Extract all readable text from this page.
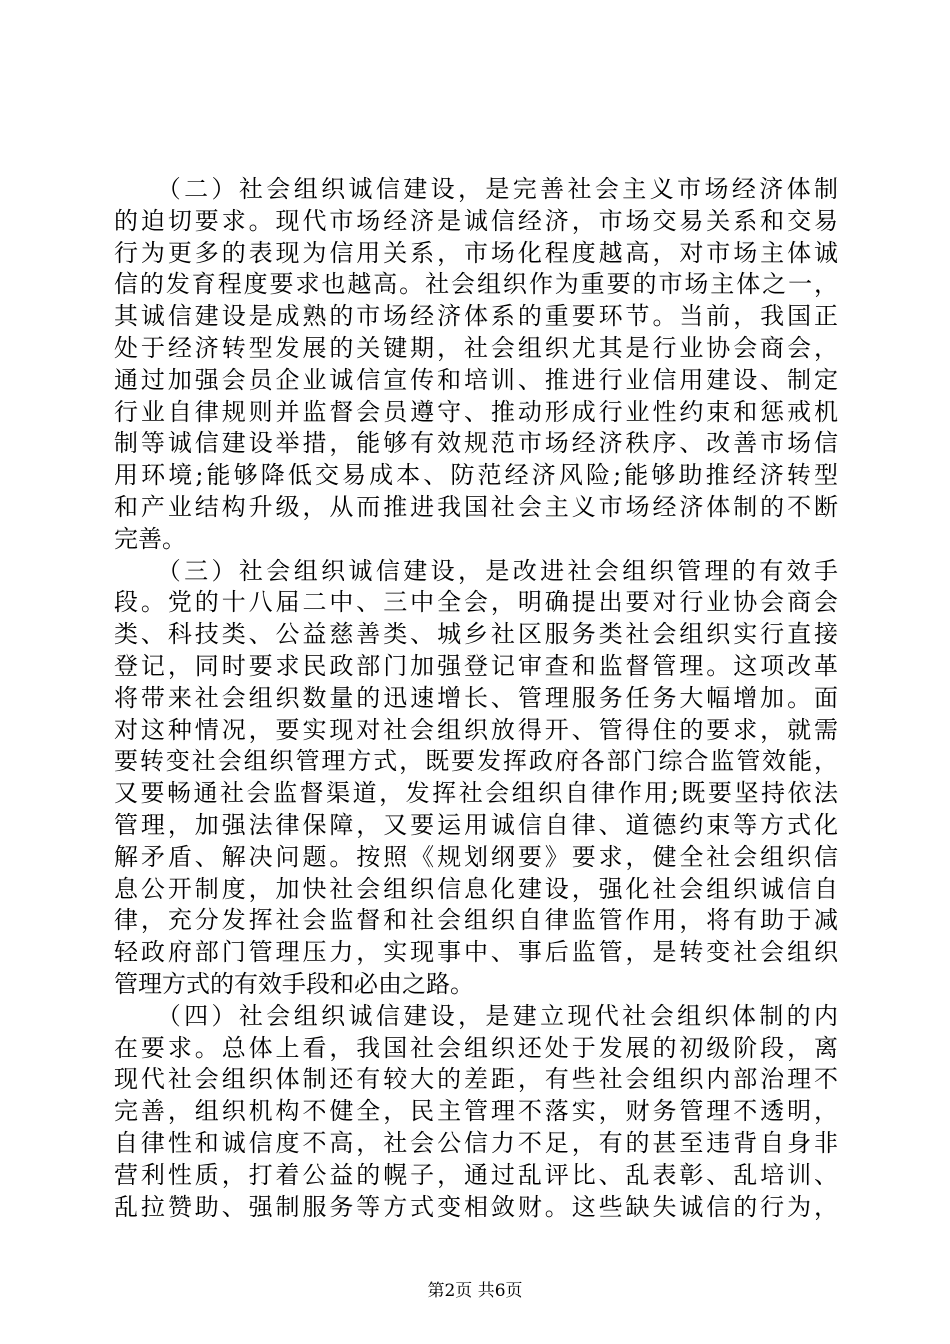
　　（二）社会组织诚信建设，是完善社会主义市场经济体制
的迫切要求。现代市场经济是诚信经济，市场交易关系和交易
行为更多的表现为信用关系，市场化程度越高，对市场主体诚
信的发育程度要求也越高。社会组织作为重要的市场主体之一，
其诚信建设是成熟的市场经济体系的重要环节。当前，我国正
处于经济转型发展的关键期，社会组织尤其是行业协会商会，
通过加强会员企业诚信宣传和培训、推进行业信用建设、制定
行业自律规则并监督会员遵守、推动形成行业性约束和惩戒机
制等诚信建设举措，能够有效规范市场经济秩序、改善市场信
用环境;能够降低交易成本、防范经济风险;能够助推经济转型
和产业结构升级，从而推进我国社会主义市场经济体制的不断
完善。
　　（三）社会组织诚信建设，是改进社会组织管理的有效手
段。党的十八届二中、三中全会，明确提出要对行业协会商会
类、科技类、公益慈善类、城乡社区服务类社会组织实行直接
登记，同时要求民政部门加强登记审查和监督管理。这项改革
将带来社会组织数量的迅速增长、管理服务任务大幅增加。面
对这种情况，要实现对社会组织放得开、管得住的要求，就需
要转变社会组织管理方式，既要发挥政府各部门综合监管效能，
又要畅通社会监督渠道，发挥社会组织自律作用;既要坚持依法
管理，加强法律保障，又要运用诚信自律、道德约束等方式化
解矛盾、解决问题。按照《规划纲要》要求，健全社会组织信
息公开制度，加快社会组织信息化建设，强化社会组织诚信自
律，充分发挥社会监督和社会组织自律监管作用，将有助于减
轻政府部门管理压力，实现事中、事后监管，是转变社会组织
管理方式的有效手段和必由之路。
　　（四）社会组织诚信建设，是建立现代社会组织体制的内
在要求。总体上看，我国社会组织还处于发展的初级阶段，离
现代社会组织体制还有较大的差距，有些社会组织内部治理不
完善，组织机构不健全，民主管理不落实，财务管理不透明，
自律性和诚信度不高，社会公信力不足，有的甚至违背自身非
营利性质，打着公益的幌子，通过乱评比、乱表彰、乱培训、
乱拉赞助、强制服务等方式变相敛财。这些缺失诚信的行为，
第2页 共6页
